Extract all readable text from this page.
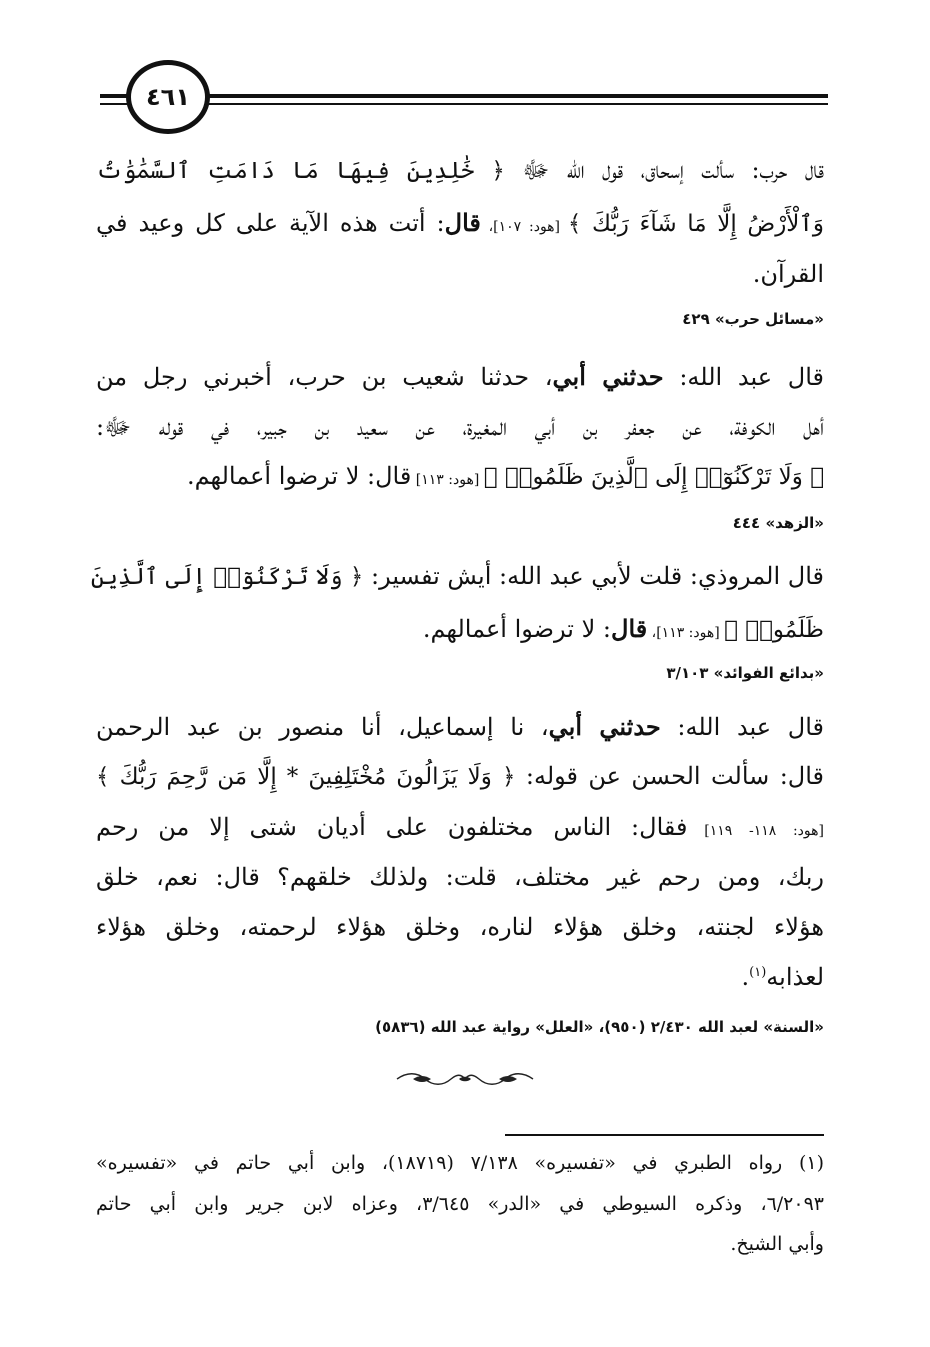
٤٦١
قال حرب: سألت إسحاق، قول الله ﷻ ﴿ خَٰلِدِينَ فِيهَا مَا دَامَتِ ٱلسَّمَٰوَٰتُ
وَٱلْأَرْضُ إِلَّا مَا شَآءَ رَبُّكَ ﴾ [هود: ١٠٧]، قال: أتت هذه الآية على كل وعيد في
القرآن.
«مسائل حرب» ٤٢٩
قال عبد الله: حدثني أبي، حدثنا شعيب بن حرب، أخبرني رجل من
أهل الكوفة، عن جعفر بن أبي المغيرة، عن سعيد بن جبير، في قوله ﷻ:
﴿ وَلَا تَرْكَنُوٓا۟ إِلَى ٱلَّذِينَ ظَلَمُوا۟ ﴾ [هود: ١١٣] قال: لا ترضوا أعمالهم.
«الزهد» ٤٤٤
قال المروذي: قلت لأبي عبد الله: أيش تفسير: ﴿ وَلَا تَرْكَنُوٓا۟ إِلَى ٱلَّذِينَ
ظَلَمُوا۟ ﴾ [هود: ١١٣]، قال: لا ترضوا أعمالهم.
«بدائع الفوائد» ٣/١٠٣
قال عبد الله: حدثني أبي، نا إسماعيل، أنا منصور بن عبد الرحمن
قال: سألت الحسن عن قوله: ﴿ وَلَا يَزَالُونَ مُخْتَلِفِينَ * إِلَّا مَن رَّحِمَ رَبُّكَ ﴾
[هود: ١١٨- ١١٩] فقال: الناس مختلفون على أديان شتى إلا من رحم
ربك، ومن رحم غير مختلف، قلت: ولذلك خلقهم؟ قال: نعم، خلق
هؤلاء لجنته، وخلق هؤلاء لناره، وخلق هؤلاء لرحمته، وخلق هؤلاء
لعذابه$^{(١)}$.
«السنة» لعبد الله ٢/٤٣٠ (٩٥٠)، «العلل» رواية عبد الله (٥٨٣٦)
(١) رواه الطبري في «تفسيره» ٧/١٣٨ (١٨٧١٩)، وابن أبي حاتم في «تفسيره»
٦/٢٠٩٣، وذكره السيوطي في «الدر» ٣/٦٤٥، وعزاه لابن جرير وابن أبي حاتم
وأبي الشيخ.
